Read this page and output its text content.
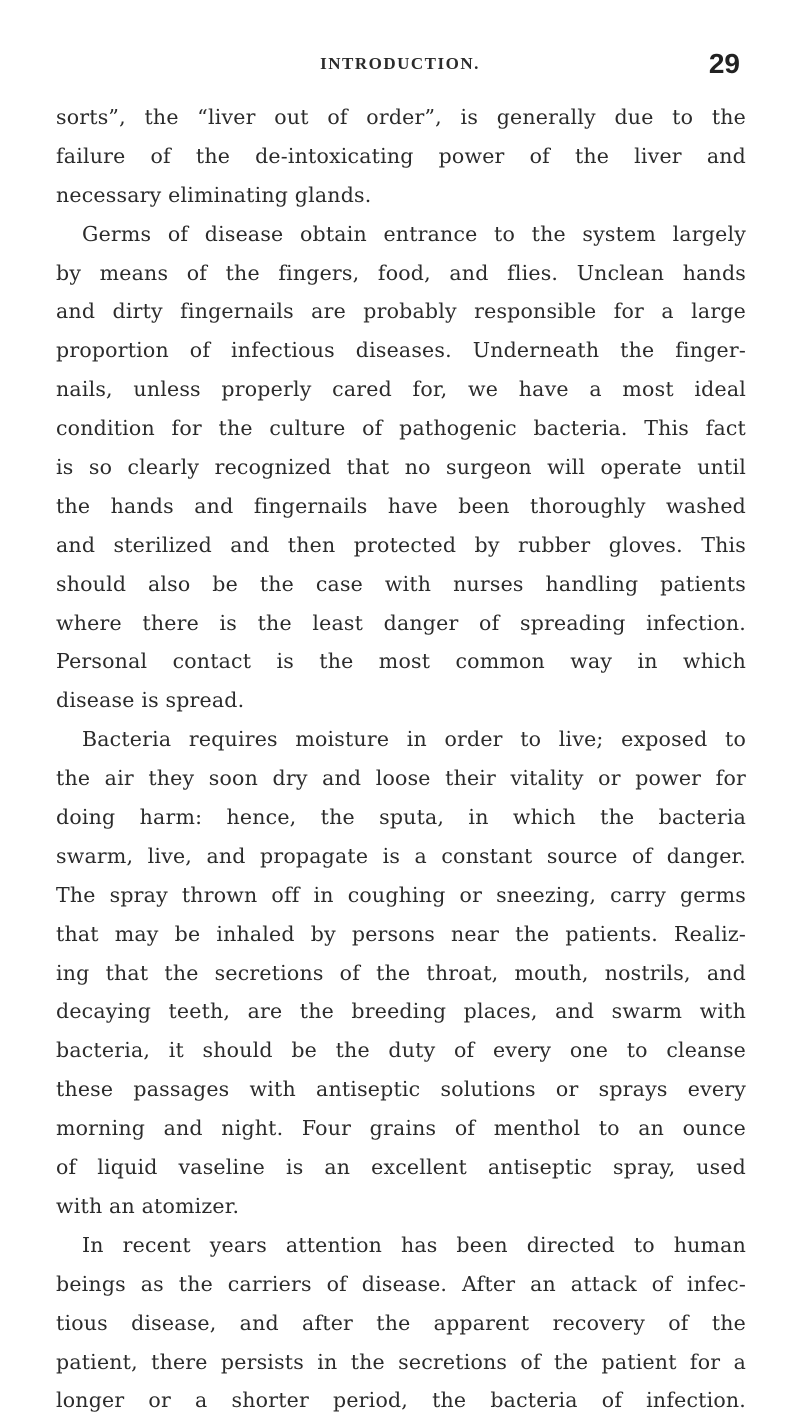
INTRODUCTION.	29
sorts”, the “liver out of order”, is generally due to the
failure of the de-intoxicating power of the liver and
necessary eliminating glands.
Germs of disease obtain entrance to the system largely
by means of the fingers, food, and flies. Unclean hands
and dirty fingernails are probably responsible for a large
proportion of infectious diseases. Underneath the finger-
nails, unless properly cared for, we have a most ideal
condition for the culture of pathogenic bacteria. This fact
is so clearly recognized that no surgeon will operate until
the hands and fingernails have been thoroughly washed
and sterilized and then protected by rubber gloves. This
should also be the case with nurses handling patients
where there is the least danger of spreading infection.
Personal contact is the most common way in which
disease is spread.
Bacteria requires moisture in order to live; exposed to
the air they soon dry and loose their vitality or power for
doing harm: hence, the sputa, in which the bacteria
swarm, live, and propagate is a constant source of danger.
The spray thrown off in coughing or sneezing, carry germs
that may be inhaled by persons near the patients. Realiz-
ing that the secretions of the throat, mouth, nostrils, and
decaying teeth, are the breeding places, and swarm with
bacteria, it should be the duty of every one to cleanse
these passages with antiseptic solutions or sprays every
morning and night. Four grains of menthol to an ounce
of liquid vaseline is an excellent antiseptic spray, used
with an atomizer.
In recent years attention has been directed to human
beings as the carriers of disease. After an attack of infec-
tious disease, and after the apparent recovery of the
patient, there persists in the secretions of the patient for a
longer or a shorter period, the bacteria of infection.
